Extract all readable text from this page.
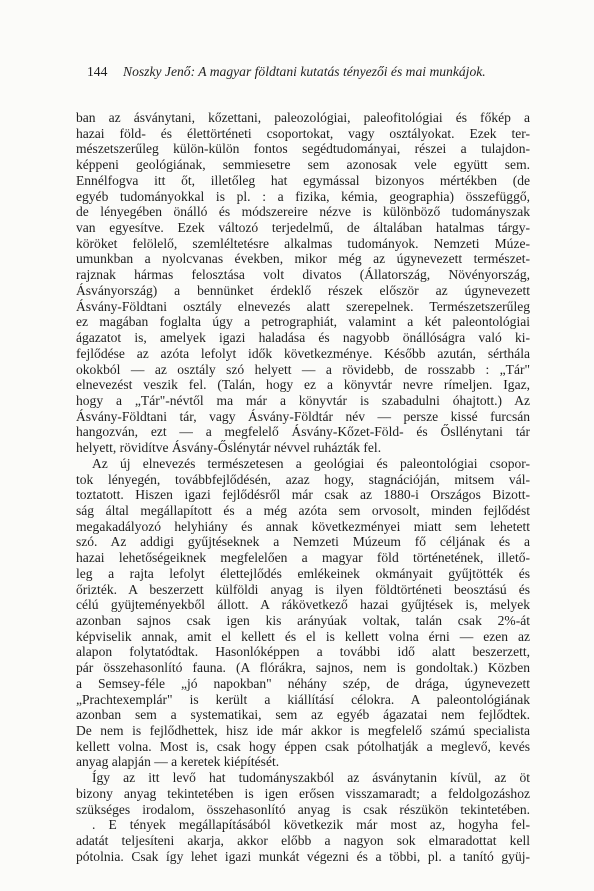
144 Noszky Jenő: A magyar földtani kutatás tényezői és mai munkájok.
ban az ásványtani, kőzettani, paleozológiai, paleofitológiai és főkép a
hazai föld- és élettörténeti csoportokat, vagy osztályokat. Ezek ter-
mészetszerűleg külön-külön fontos segédtudományai, részei a tulajdon-
képpeni geológiának, semmiesetre sem azonosak vele együtt sem.
Ennélfogva itt őt, illetőleg hat egymással bizonyos mértékben (de
egyéb tudományokkal is pl. : a fizika, kémia, geographia) összefüggő,
de lényegében önálló és módszereire nézve is különböző tudományszak
van egyesítve. Ezek változó terjedelmű, de általában hatalmas tárgy-
köröket felölelő, szemléltetésre alkalmas tudományok. Nemzeti Múze-
umunkban a nyolcvanas években, mikor még az úgynevezett természet-
rajznak hármas felosztása volt divatos (Állatország, Növényország,
Ásványország) a bennünket érdeklő részek először az úgynevezett
Ásvány-Földtani osztály elnevezés alatt szerepelnek. Természetszerűleg
ez magában foglalta úgy a petrographiát, valamint a két paleontológiai
ágazatot is, amelyek igazi haladása és nagyobb önállóságra való ki-
fejlődése az azóta lefolyt idők következménye. Később azután, sérthála
okokból — az osztály szó helyett — a rövidebb, de rosszabb : „Tár"
elnevezést veszik fel. (Talán, hogy ez a könyvtár nevre rímeljen. Igaz,
hogy a „Tár"-névtől ma már a könyvtár is szabadulni óhajtott.) Az
Ásvány-Földtani tár, vagy Ásvány-Földtár név — persze kissé furcsán
hangozván, ezt — a megfelelő Ásvány-Kőzet-Föld- és Ősllénytani tár
helyett, rövidítve Ásvány-Őslénytár névvel ruházták fel.
Az új elnevezés természetesen a geológiai és paleontológiai csopor-
tok lényegén, továbbfejlődésén, azaz hogy, stagnációján, mitsem vál-
toztatott. Hiszen igazi fejlődésről már csak az 1880-i Országos Bizott-
ság által megállapított és a még azóta sem orvosolt, minden fejlődést
megakadályozó helyhiány és annak következményei miatt sem lehetett
szó. Az addigi gyűjtéseknek a Nemzeti Múzeum fő céljának és a
hazai lehetőségeiknek megfelelően a magyar föld történetének, illető-
leg a rajta lefolyt élettejlődés emlékeinek okmányait gyűjtötték és
őrizték. A beszerzett külföldi anyag is ilyen földtörténeti beosztású és
célú gyüjteményekből állott. A rákövetkező hazai gyűjtések is, melyek
azonban sajnos csak igen kis arányúak voltak, talán csak 2%-át
képviselik annak, amit el kellett és el is kellett volna érni — ezen az
alapon folytatódtak. Hasonlóképpen a további idő alatt beszerzett,
pár összehasonlító fauna. (A flórákra, sajnos, nem is gondoltak.) Közben
a Semsey-féle „jó napokban" néhány szép, de drága, úgynevezett
„Prachtexemplár" is került a kiállításí célokra. A paleontológiának
azonban sem a systematikai, sem az egyéb ágazatai nem fejlődtek.
De nem is fejlődhettek, hisz ide már akkor is megfelelő számú specialista
kellett volna. Most is, csak hogy éppen csak pótolhatják a meglevő, kevés
anyag alapján — a keretek kiépítését.
Így az itt levő hat tudományszakból az ásványtanin kívül, az öt
bizony anyag tekintetében is igen erősen visszamaradt; a feldolgozáshoz
szükséges irodalom, összehasonlító anyag is csak részükön tekintetében.
. E tények megállapításából következik már most az, hogyha fel-
adatát teljesíteni akarja, akkor előbb a nagyon sok elmaradottat kell
pótolnia. Csak így lehet igazi munkát végezni és a többi, pl. a tanító gyüj-
